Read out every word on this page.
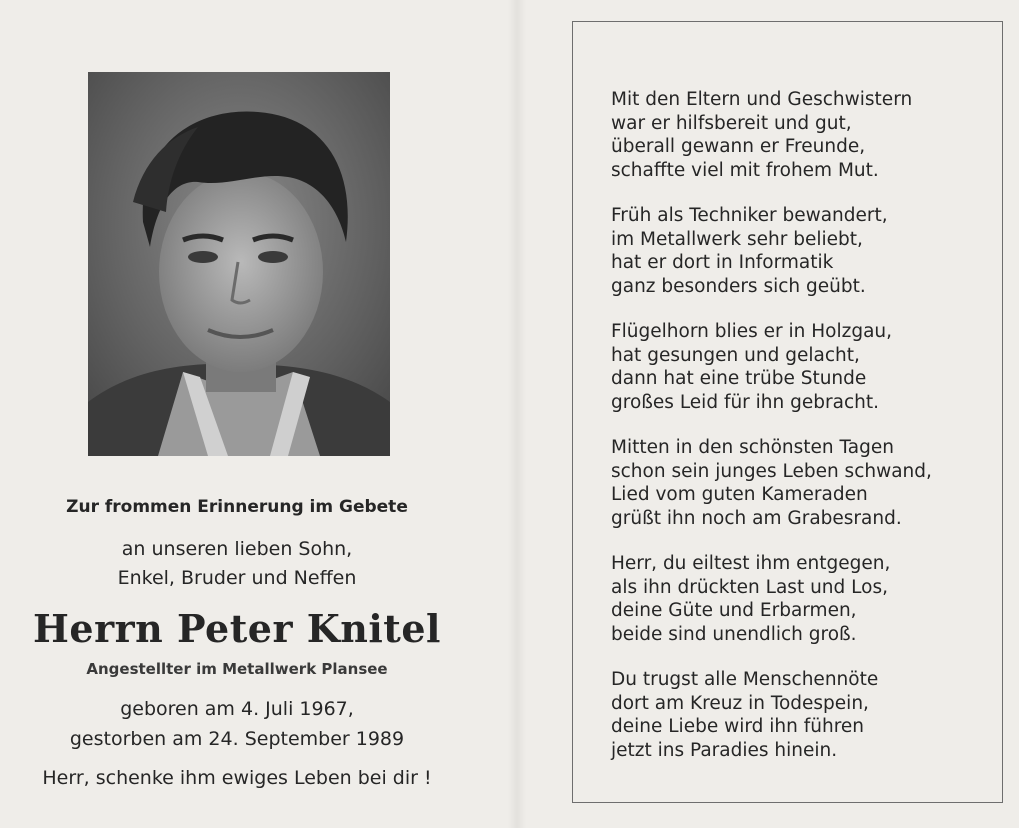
Zur frommen Erinnerung im Gebete
an unseren lieben Sohn,
Enkel, Bruder und Neffen
Herrn Peter Knitel
Angestellter im Metallwerk Plansee
geboren am 4. Juli 1967,
gestorben am 24. September 1989
Herr, schenke ihm ewiges Leben bei dir !
Mit den Eltern und Geschwistern
war er hilfsbereit und gut,
überall gewann er Freunde,
schaffte viel mit frohem Mut.
Früh als Techniker bewandert,
im Metallwerk sehr beliebt,
hat er dort in Informatik
ganz besonders sich geübt.
Flügelhorn blies er in Holzgau,
hat gesungen und gelacht,
dann hat eine trübe Stunde
großes Leid für ihn gebracht.
Mitten in den schönsten Tagen
schon sein junges Leben schwand,
Lied vom guten Kameraden
grüßt ihn noch am Grabesrand.
Herr, du eiltest ihm entgegen,
als ihn drückten Last und Los,
deine Güte und Erbarmen,
beide sind unendlich groß.
Du trugst alle Menschennöte
dort am Kreuz in Todespein,
deine Liebe wird ihn führen
jetzt ins Paradies hinein.
